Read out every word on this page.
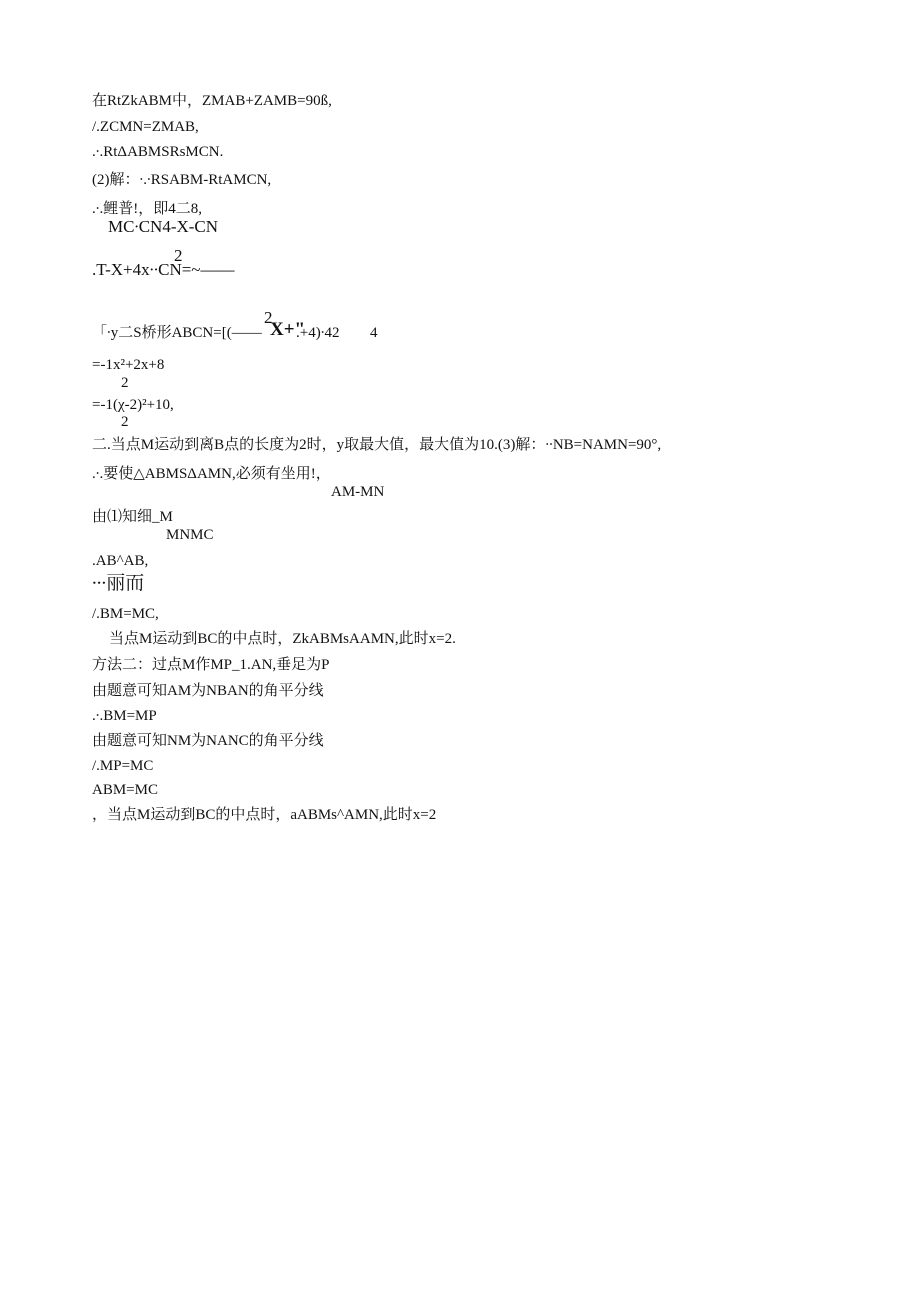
在RtZkABM中，ZMAB+ZAMB=90ß,
/.ZCMN=ZMAB,
.∙.RtΔABMSRsMCN.
(2)解：∙.∙RSABM-RtAMCN,
.∙.鲤普!，即4二8,
MC∙CN4-X-CN
2
.T-X+4x∙∙CN=~——
2
「∙y二S桥形ABCN=[(—— X+"
.+4)∙42 4
=-1x²+2x+8
2
=-1(χ-2)²+10,
2
二.当点M运动到离B点的长度为2时，y取最大值，最大值为10.(3)解：∙∙NB=NAMN=90°,
.∙.要使△ABMSΔAMN,必须有坐用!，
AM-MN
由⑴知细_M
MNMC
.AB^AB,
∙∙∙丽而
/.BM=MC,
当点M运动到BC的中点时，ZkABMsAAMN,此时x=2.
方法二：过点M作MP_1.AN,垂足为P
由题意可知AM为NBAN的角平分线
.∙.BM=MP
由题意可知NM为NANC的角平分线
/.MP=MC
ABM=MC
，当点M运动到BC的中点时，aABMs^AMN,此时x=2
